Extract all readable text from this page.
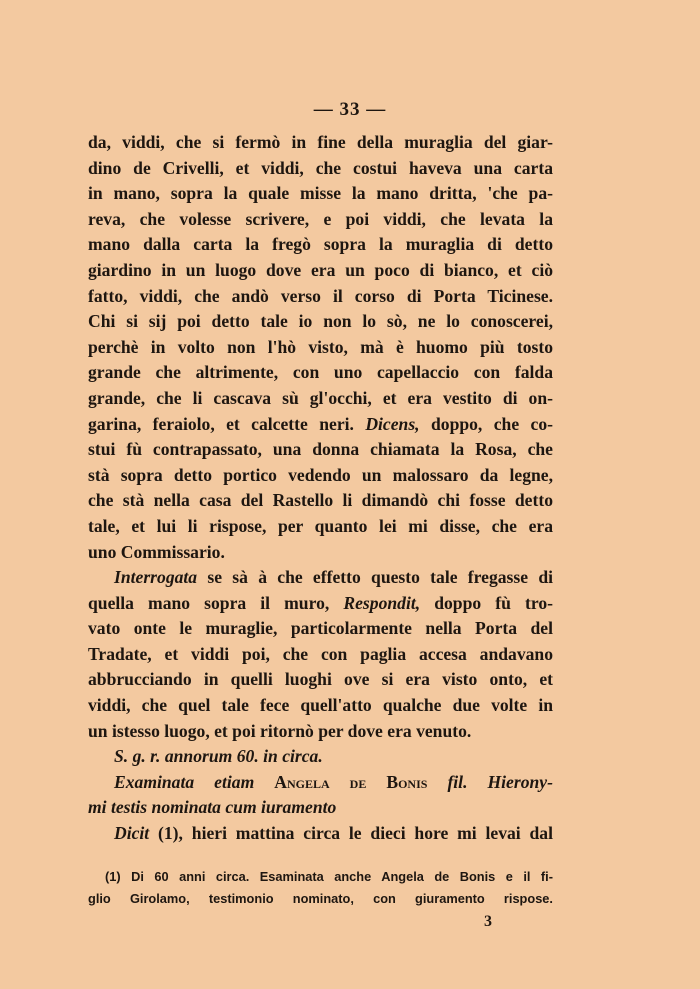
— 33 —
da, viddi, che si fermò in fine della muraglia del giar-
dino de Crivelli, et viddi, che costui haveva una carta
in mano, sopra la quale misse la mano dritta, 'che pa-
reva, che volesse scrivere, e poi viddi, che levata la
mano dalla carta la fregò sopra la muraglia di detto
giardino in un luogo dove era un poco di bianco, et ciò
fatto, viddi, che andò verso il corso di Porta Ticinese.
Chi si sij poi detto tale io non lo sò, ne lo conoscerei,
perchè in volto non l'hò visto, mà è huomo più tosto
grande che altrimente, con uno capellaccio con falda
grande, che li cascava sù gl'occhi, et era vestito di on-
garina, feraiolo, et calcette neri. Dicens, doppo, che co-
stui fù contrapassato, una donna chiamata la Rosa, che
stà sopra detto portico vedendo un malossaro da legne,
che stà nella casa del Rastello li dimandò chi fosse detto
tale, et lui li rispose, per quanto lei mi disse, che era
uno Commissario.
Interrogata se sà à che effetto questo tale fregasse di
quella mano sopra il muro, Respondit, doppo fù tro-
vato onte le muraglie, particolarmente nella Porta del
Tradate, et viddi poi, che con paglia accesa andavano
abbrucciando in quelli luoghi ove si era visto onto, et
viddi, che quel tale fece quell'atto qualche due volte in
un istesso luogo, et poi ritornò per dove era venuto.
S. g. r. annorum 60. in circa.
Examinata etiam Angela de Bonis fil. Hierony-
mi testis nominata cum iuramento
Dicit (1), hieri mattina circa le dieci hore mi levai dal
(1) Di 60 anni circa. Esaminata anche Angela de Bonis e il fi-
glio Girolamo, testimonio nominato, con giuramento rispose.
3
